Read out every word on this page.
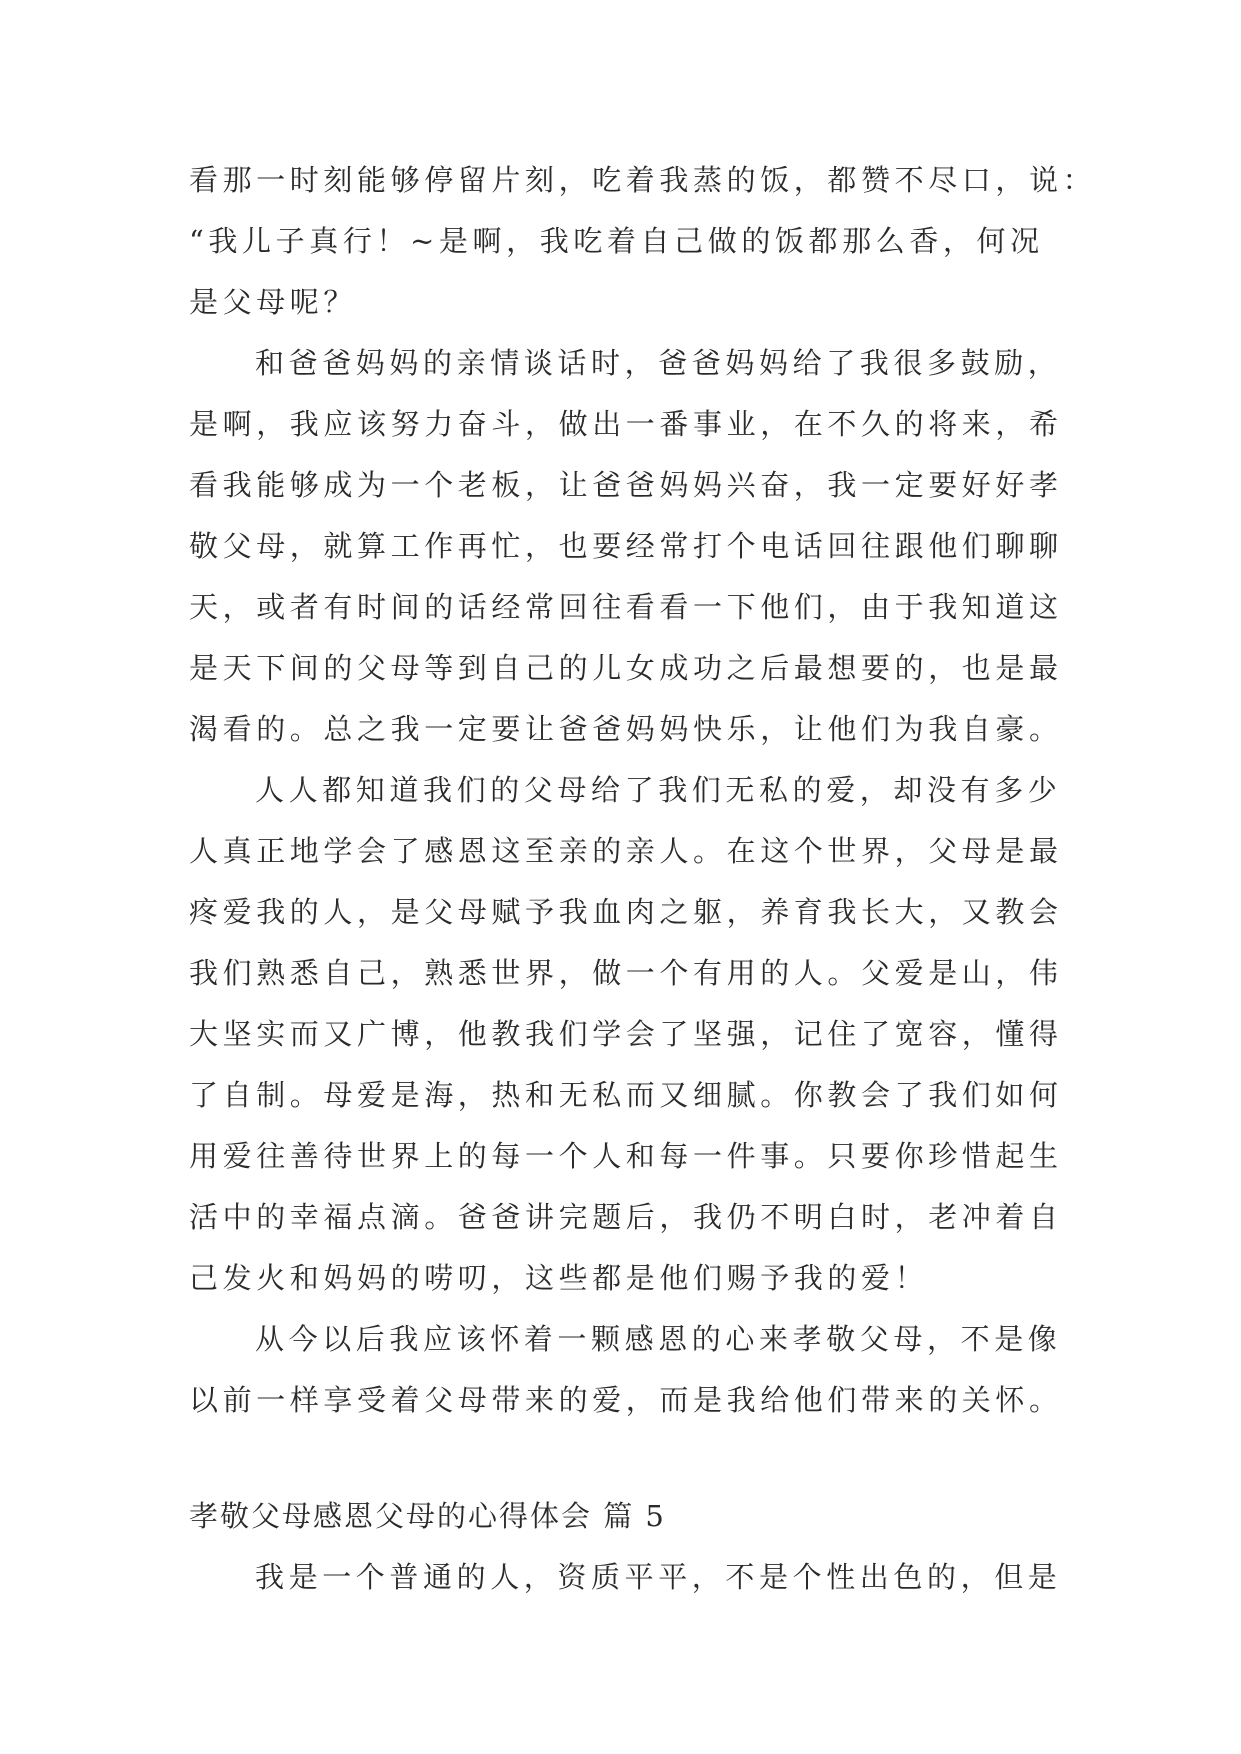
看那一时刻能够停留片刻，吃着我蒸的饭，都赞不尽口，说：
“我儿子真行！~是啊，我吃着自己做的饭都那么香，何况
是父母呢？
和爸爸妈妈的亲情谈话时，爸爸妈妈给了我很多鼓励，
是啊，我应该努力奋斗，做出一番事业，在不久的将来，希
看我能够成为一个老板，让爸爸妈妈兴奋，我一定要好好孝
敬父母，就算工作再忙，也要经常打个电话回往跟他们聊聊
天，或者有时间的话经常回往看看一下他们，由于我知道这
是天下间的父母等到自己的儿女成功之后最想要的，也是最
渴看的。总之我一定要让爸爸妈妈快乐，让他们为我自豪。
人人都知道我们的父母给了我们无私的爱，却没有多少
人真正地学会了感恩这至亲的亲人。在这个世界，父母是最
疼爱我的人，是父母赋予我血肉之躯，养育我长大，又教会
我们熟悉自己，熟悉世界，做一个有用的人。父爱是山，伟
大坚实而又广博，他教我们学会了坚强，记住了宽容，懂得
了自制。母爱是海，热和无私而又细腻。你教会了我们如何
用爱往善待世界上的每一个人和每一件事。只要你珍惜起生
活中的幸福点滴。爸爸讲完题后，我仍不明白时，老冲着自
己发火和妈妈的唠叨，这些都是他们赐予我的爱！
从今以后我应该怀着一颗感恩的心来孝敬父母，不是像
以前一样享受着父母带来的爱，而是我给他们带来的关怀。
孝敬父母感恩父母的心得体会 篇 5
我是一个普通的人，资质平平，不是个性出色的，但是
